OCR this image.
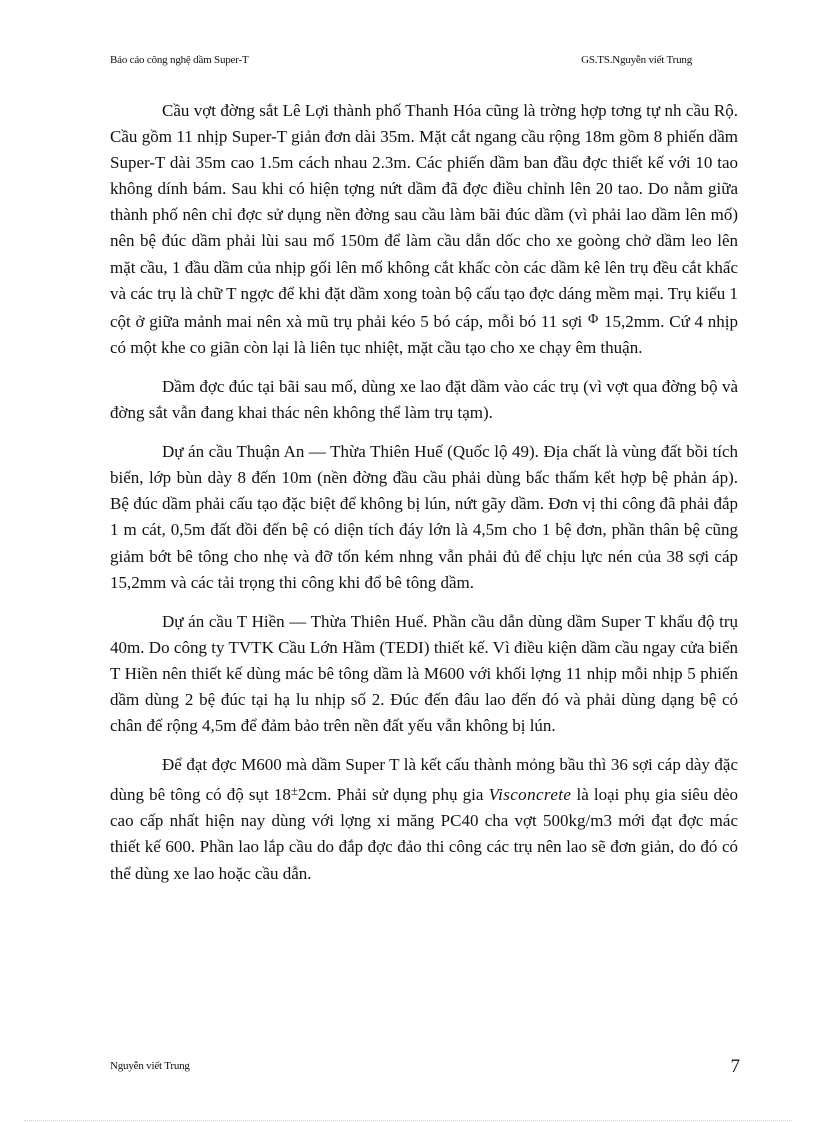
Báo cáo công nghệ dầm Super-T	GS.TS.Nguyễn viết Trung

Cầu vợt đờng sắt Lê Lợi thành phố Thanh Hóa cũng là trờng hợp tơng tự nh cầu Rộ. Cầu gồm 11 nhịp Super-T giản đơn dài 35m. Mặt cắt ngang cầu rộng 18m gồm 8 phiến dầm Super-T dài 35m cao 1.5m cách nhau 2.3m. Các phiến dầm ban đầu đợc thiết kế với 10 tao không dính bám. Sau khi có hiện tợng nứt dầm đã đợc điều chỉnh lên 20 tao. Do nằm giữa thành phố nên chỉ đợc sử dụng nền đờng sau cầu làm bãi đúc dầm (vì phải lao dầm lên mố) nên bệ đúc dầm phải lùi sau mố 150m để làm cầu dẫn dốc cho xe goòng chở dầm leo lên mặt cầu, 1 đầu dầm của nhịp gối lên mố không cắt khấc còn các dầm kê lên trụ đều cắt khấc và các trụ là chữ T ngợc để khi đặt dầm xong toàn bộ cấu tạo đợc dáng mềm mại. Trụ kiểu 1 cột ở giữa mảnh mai nên xà mũ trụ phải kéo 5 bó cáp, mỗi bó 11 sợi $^\Phi$ 15,2mm. Cứ 4 nhịp có một khe co giãn còn lại là liên tục nhiệt, mặt cầu tạo cho xe chạy êm thuận.

Dầm đợc đúc tại bãi sau mố, dùng xe lao đặt dầm vào các trụ (vì vợt qua đờng bộ và đờng sắt vẫn đang khai thác nên không thể làm trụ tạm).

Dự án cầu Thuận An — Thừa Thiên Huế (Quốc lộ 49). Địa chất là vùng đất bồi tích biển, lớp bùn dày 8 đến 10m (nền đờng đầu cầu phải dùng bấc thấm kết hợp bệ phản áp). Bệ đúc dầm phải cấu tạo đặc biệt để không bị lún, nứt gãy dầm. Đơn vị thi công đã phải đắp 1 m cát, 0,5m đất đồi đến bệ có diện tích đáy lớn là 4,5m cho 1 bệ đơn, phần thân bệ cũng giảm bớt bê tông cho nhẹ và đỡ tốn kém nhng vẫn phải đủ để chịu lực nén của 38 sợi cáp 15,2mm và các tải trọng thi công khi đổ bê tông dầm.

Dự án cầu T Hiền — Thừa Thiên Huế. Phần cầu dẫn dùng dầm Super T khẩu độ trụ 40m. Do công ty TVTK Cầu Lớn Hầm (TEDI) thiết kế. Vì điều kiện dầm cầu ngay cửa biển T Hiền nên thiết kế dùng mác bê tông dầm là M600 với khối lợng 11 nhịp mỗi nhịp 5 phiến dầm dùng 2 bệ đúc tại hạ lu nhịp số 2. Đúc đến đâu lao đến đó và phải dùng dạng bệ có chân đế rộng 4,5m để đảm bảo trên nền đất yếu vẫn không bị lún.

Để đạt đợc M600 mà dầm Super T là kết cấu thành mỏng bầu thì 36 sợi cáp dày đặc dùng bê tông có độ sụt 18±2cm. Phải sử dụng phụ gia Visconcrete là loại phụ gia siêu dẻo cao cấp nhất hiện nay dùng với lợng xi măng PC40 cha vợt 500kg/m3 mới đạt đợc mác thiết kế 600. Phần lao lắp cầu do đắp đợc đảo thi công các trụ nên lao sẽ đơn giản, do đó có thể dùng xe lao hoặc cầu dẫn.

Nguyễn viết Trung	7
